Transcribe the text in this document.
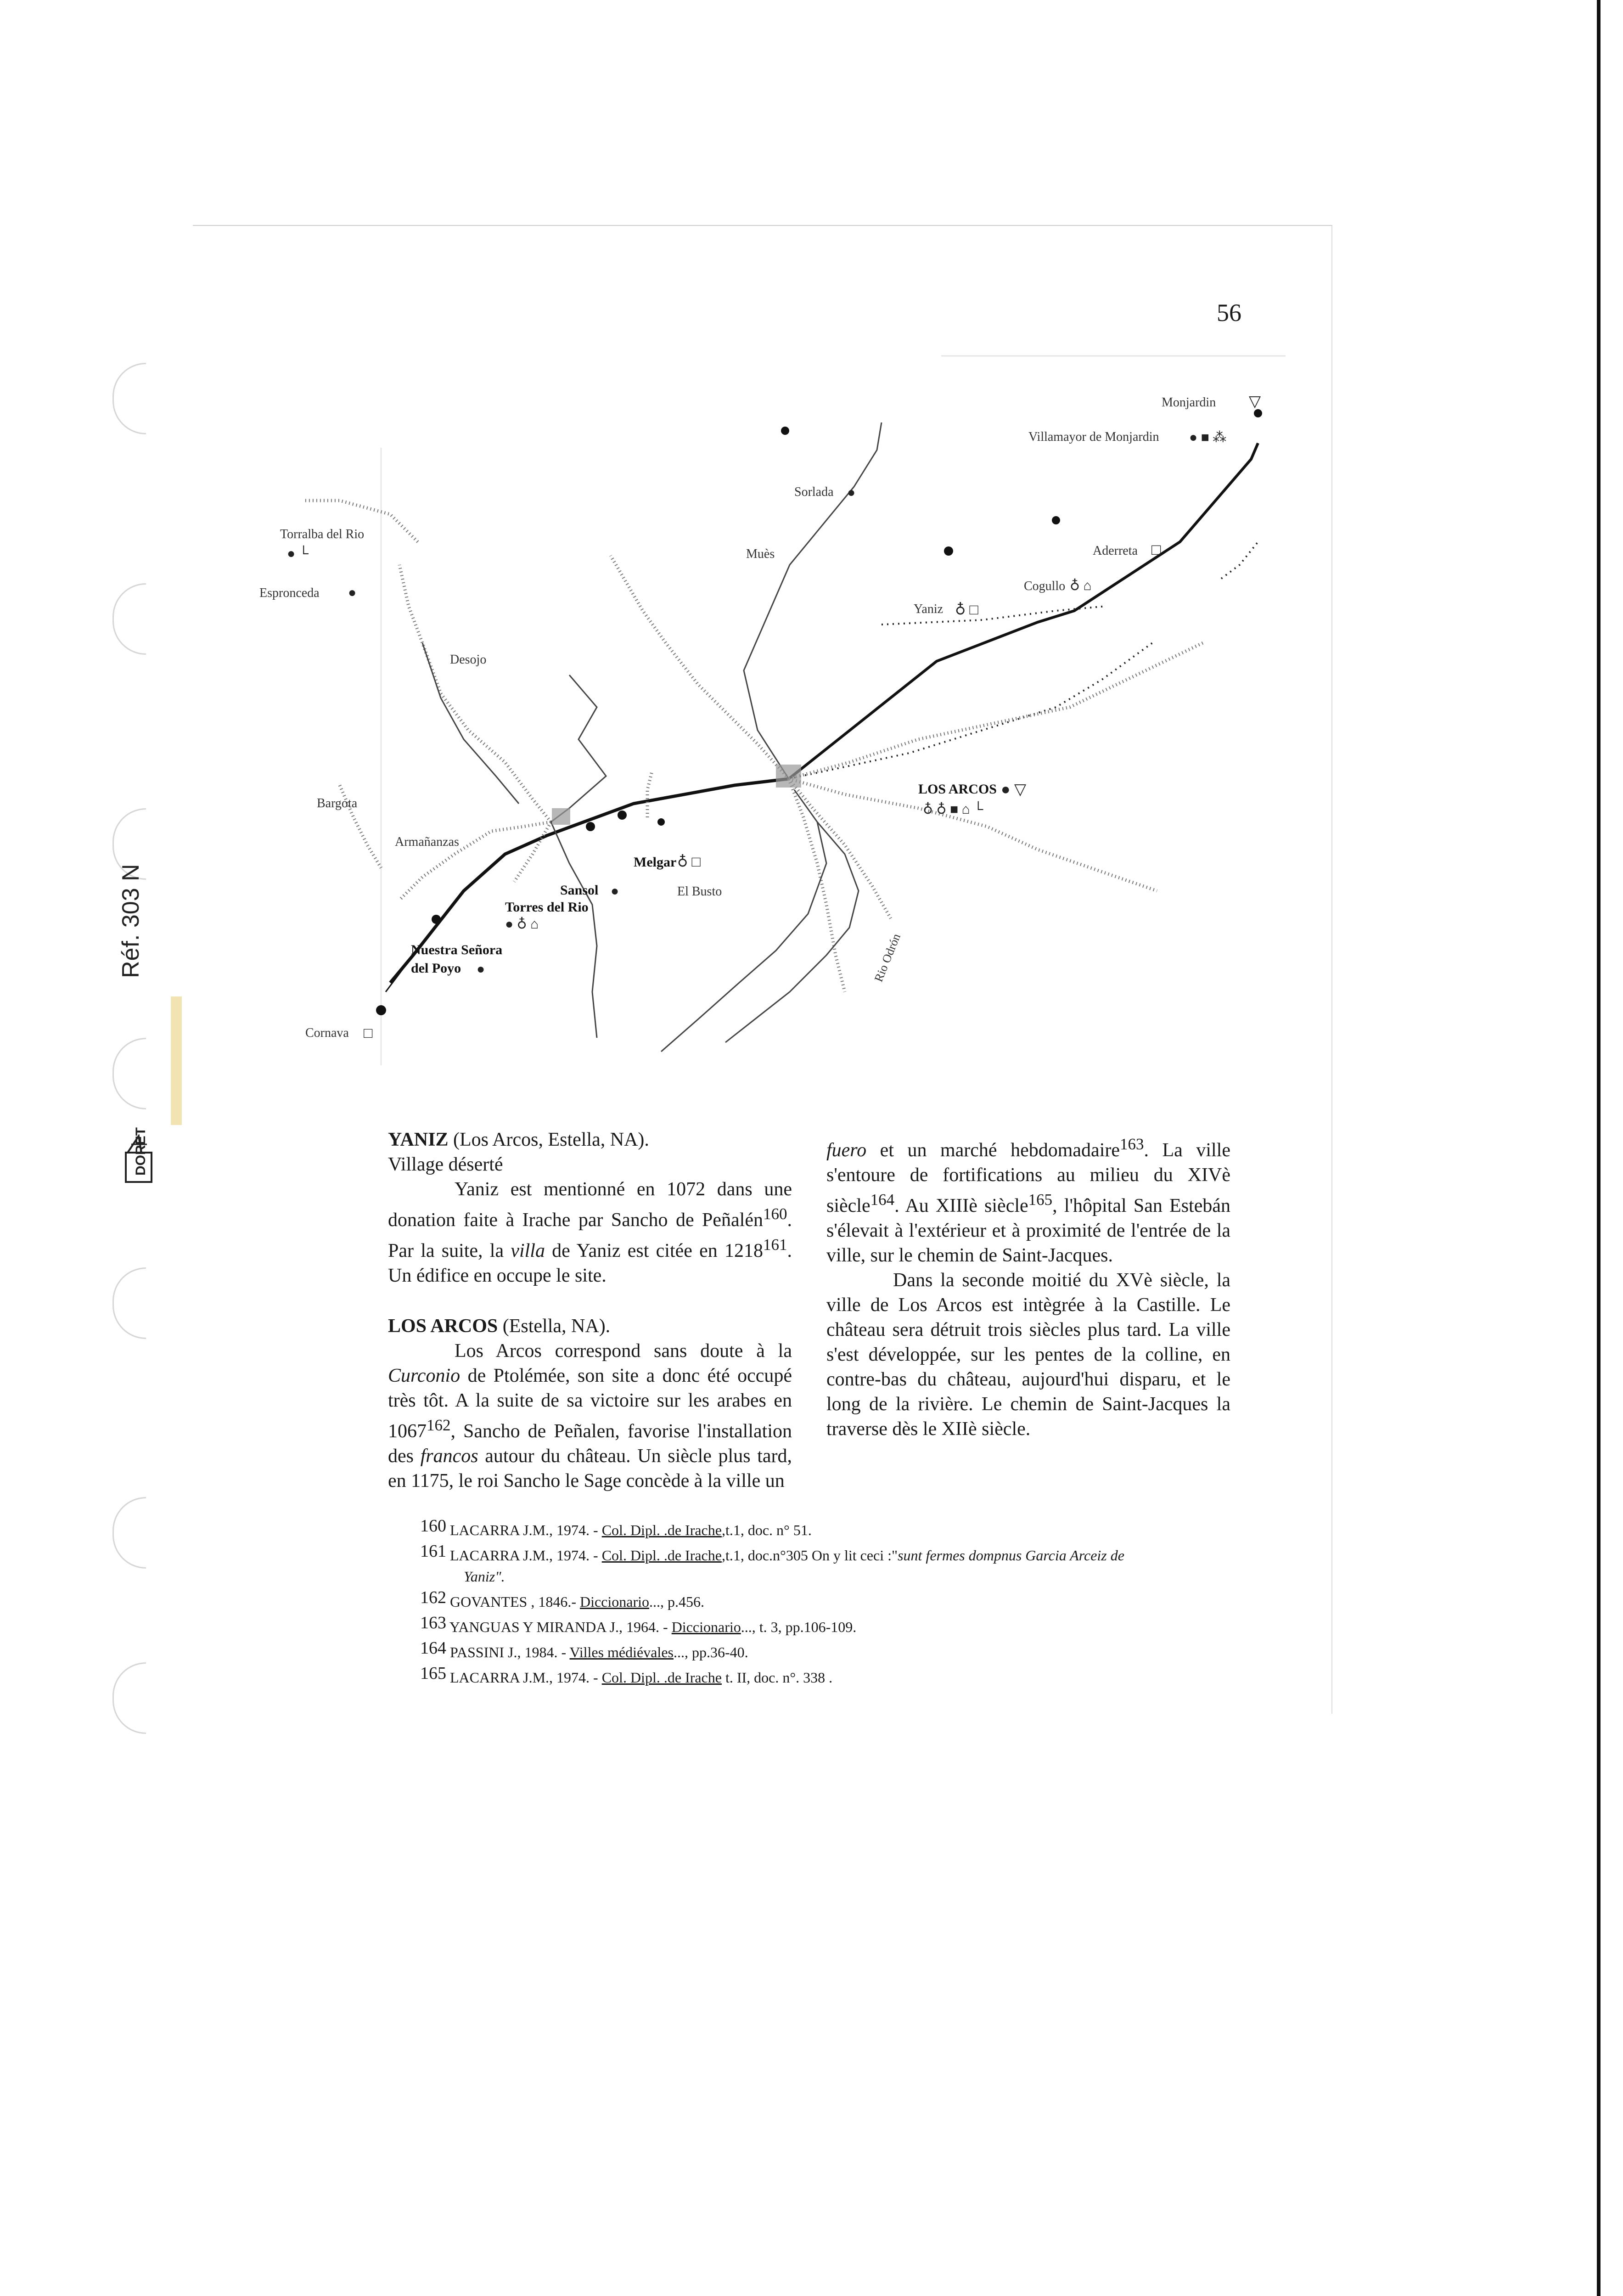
Réf. 303 N
DORET
56
Monjardin ▽
Villamayor de Monjardin ● ■ ⁂
Sorlada ●
Torralba del Rio
● └	Muès	Aderreta □
Espronceda ●	Cogullo ♁ ⌂
Yaniz ♁ □
Desojo
Bargota
LOS ARCOS ● ▽
♁ ♁ ■ ⌂ └
Armañanzas
Melgar ♁ □
Sansol ●
Torres del Rio
● ♁ ⌂
El Busto
Nuestra Señora
del Poyo ●
Cornava □
Rio Odrón

YANIZ (Los Arcos, Estella, NA).

Village déserté

Yaniz est mentionné en 1072 dans une donation faite à Irache par Sancho de Peñalén$^{160}$. Par la suite, la villa de Yaniz est citée en 1218$^{161}$. Un édifice en occupe le site.

LOS ARCOS (Estella, NA).

Los Arcos correspond sans doute à la Curconio de Ptolémée, son site a donc été occupé très tôt. A la suite de sa victoire sur les arabes en 1067$^{162}$, Sancho de Peñalen, favorise l'installation des francos autour du château. Un siècle plus tard, en 1175, le roi Sancho le Sage concède à la ville un

fuero et un marché hebdomadaire$^{163}$. La ville s'entoure de fortifications au milieu du XIVè siècle$^{164}$. Au XIIIè siècle$^{165}$, l'hôpital San Estebán s'élevait à l'extérieur et à proximité de l'entrée de la ville, sur le chemin de Saint-Jacques.

Dans la seconde moitié du XVè siècle, la ville de Los Arcos est intègrée à la Castille. Le château sera détruit trois siècles plus tard. La ville s'est développée, sur les pentes de la colline, en contre-bas du château, aujourd'hui disparu, et le long de la rivière. Le chemin de Saint-Jacques la traverse dès le XIIè siècle.

160 LACARRA J.M., 1974. - Col. Dipl. .de Irache,t.1, doc. n° 51.

161 LACARRA J.M., 1974. - Col. Dipl. .de Irache,t.1, doc.n°305 On y lit ceci :"sunt fermes dompnus Garcia Arceiz de

Yaniz".

162 GOVANTES , 1846.- Diccionario..., p.456.

163 YANGUAS Y MIRANDA J., 1964. - Diccionario..., t. 3, pp.106-109.

164 PASSINI J., 1984. - Villes médiévales..., pp.36-40.

165 LACARRA J.M., 1974. - Col. Dipl. .de Irache t. II, doc. n°. 338 .
